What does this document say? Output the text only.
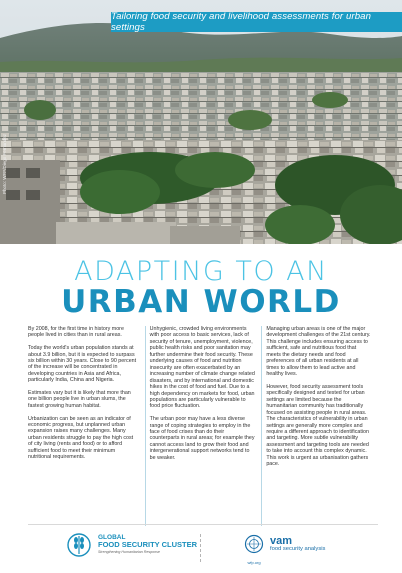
Tailoring food security and livelihood assessments for urban settings
Photo: WFP/Diego Fernandez
ADAPTING TO AN
URBAN WORLD

By 2008, for the first time in history more people lived in cities than in rural areas.

Today the world's urban population stands at about 3.9 billion, but it is expected to surpass six billion within 30 years. Close to 90 percent of the increase will be concentrated in developing countries in Asia and Africa, particularly India, China and Nigeria.

Estimates vary but it is likely that more than one billion people live in urban slums, the fastest growing human habitat.

Urbanization can be seen as an indicator of economic progress, but unplanned urban expansion raises many challenges. Many urban residents struggle to pay the high cost of city living (rents and food) or to afford sufficient food to meet their minimum nutritional requirements.

Unhygienic, crowded living environments with poor access to basic services, lack of security of tenure, unemployment, violence, public health risks and poor sanitation may further undermine their food security. These underlying causes of food and nutrition insecurity are often exacerbated by an increasing number of climate change related disasters, and by international and domestic hikes in the cost of food and fuel. Due to a high dependency on markets for food, urban populations are particularly vulnerable to food price fluctuation.

The urban poor may have a less diverse range of coping strategies to employ in the face of food crises than do their counterparts in rural areas; for example they cannot access land to grow their food and intergenerational support networks tend to be weaker.

Managing urban areas is one of the major development challenges of the 21st century. This challenge includes ensuring access to sufficient, safe and nutritious food that meets the dietary needs and food preferences of all urban residents at all times to allow them to lead active and healthy lives.

However, food security assessment tools specifically designed and tested for urban settings are limited because the humanitarian community has traditionally focused on assisting people in rural areas. The characteristics of vulnerability in urban settings are generally more complex and require a different approach to identification and targeting. More subtle vulnerability assessment and targeting tools are needed to take into account this complex dynamic. This work is urgent as urbanisation gathers pace.

GLOBAL
FOOD SECURITY CLUSTER
Strengthening Humanitarian Response
wfp.org
vam
food security analysis
